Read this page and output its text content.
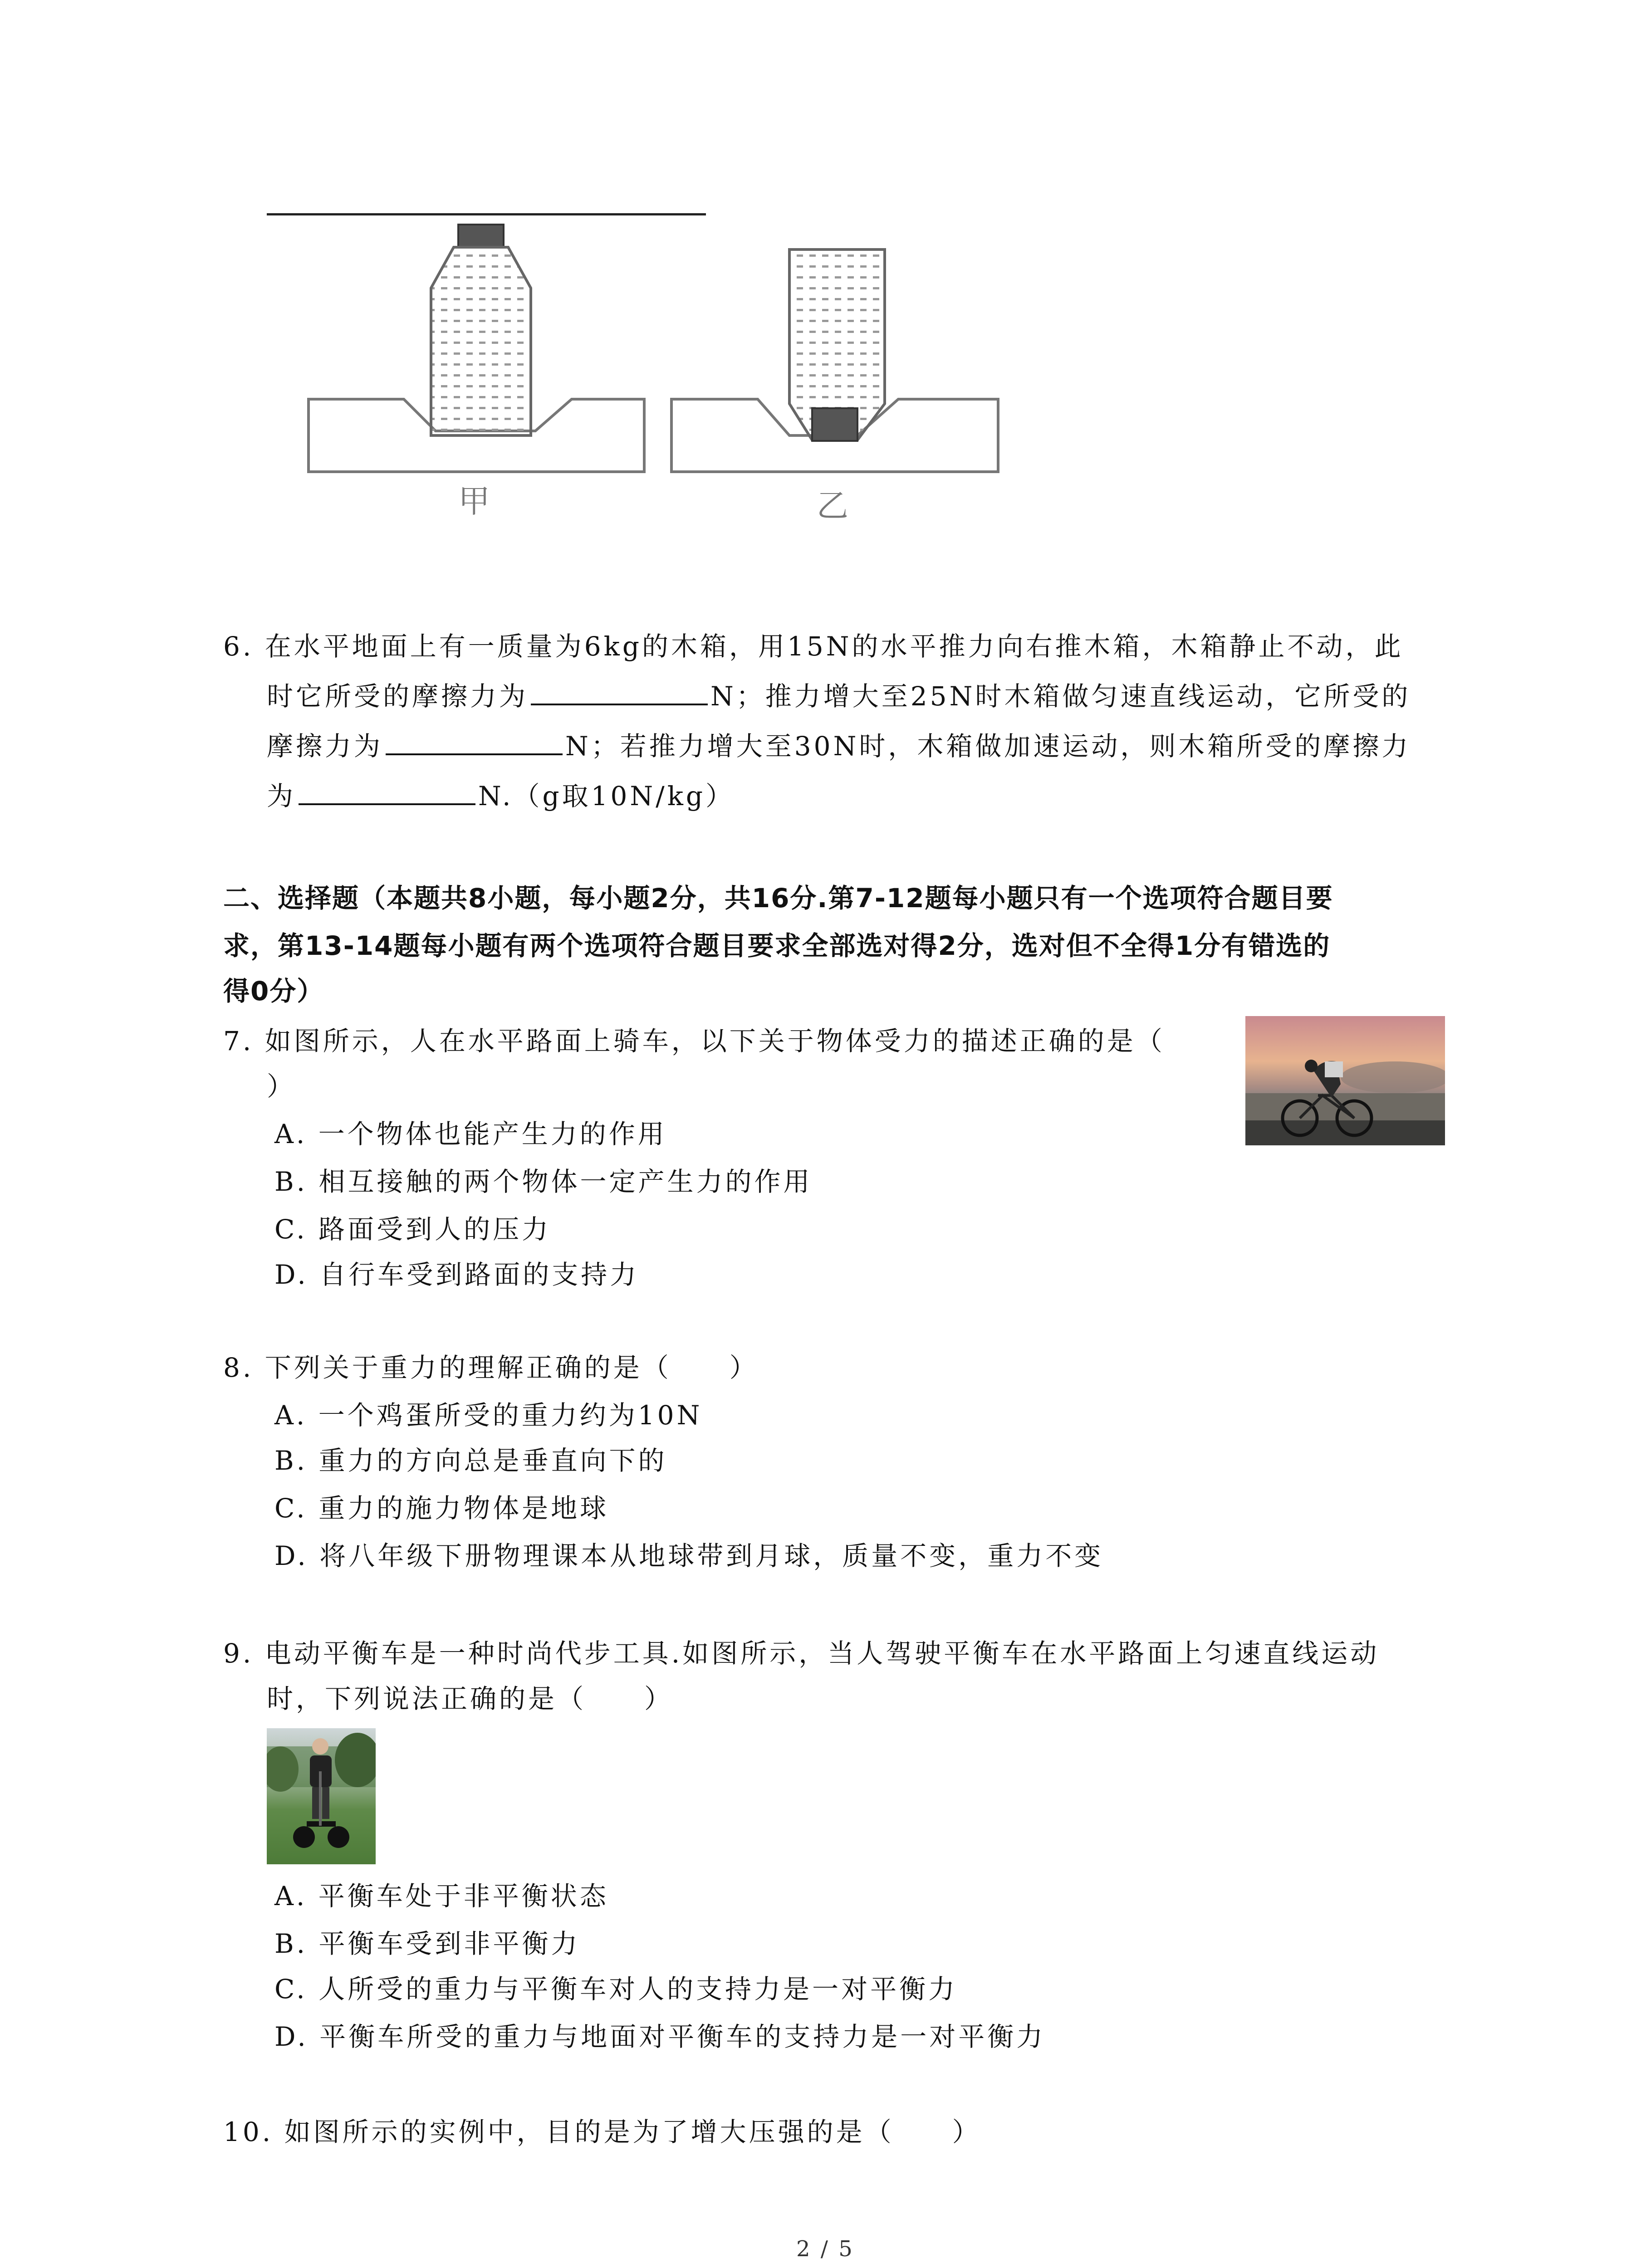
甲	乙
6. 在水平地面上有一质量为6kg的木箱，用15N的水平推力向右推木箱，木箱静止不动，此
时它所受的摩擦力为	N；推力增大至25N时木箱做匀速直线运动，它所受的
摩擦力为	N；若推力增大至30N时，木箱做加速运动，则木箱所受的摩擦力
为	N.（g取10N/kg）
二、选择题（本题共8小题，每小题2分，共16分.第7-12题每小题只有一个选项符合题目要
求，第13-14题每小题有两个选项符合题目要求全部选对得2分，选对但不全得1分有错选的
得0分）
7. 如图所示，人在水平路面上骑车，以下关于物体受力的描述正确的是（
）
A. 一个物体也能产生力的作用
B. 相互接触的两个物体一定产生力的作用
C. 路面受到人的压力
D. 自行车受到路面的支持力
8. 下列关于重力的理解正确的是（　　）
A. 一个鸡蛋所受的重力约为10N
B. 重力的方向总是垂直向下的
C. 重力的施力物体是地球
D. 将八年级下册物理课本从地球带到月球，质量不变，重力不变
9. 电动平衡车是一种时尚代步工具.如图所示，当人驾驶平衡车在水平路面上匀速直线运动
时，下列说法正确的是（　　）
A. 平衡车处于非平衡状态
B. 平衡车受到非平衡力
C. 人所受的重力与平衡车对人的支持力是一对平衡力
D. 平衡车所受的重力与地面对平衡车的支持力是一对平衡力
10. 如图所示的实例中，目的是为了增大压强的是（　　）
2 / 5
